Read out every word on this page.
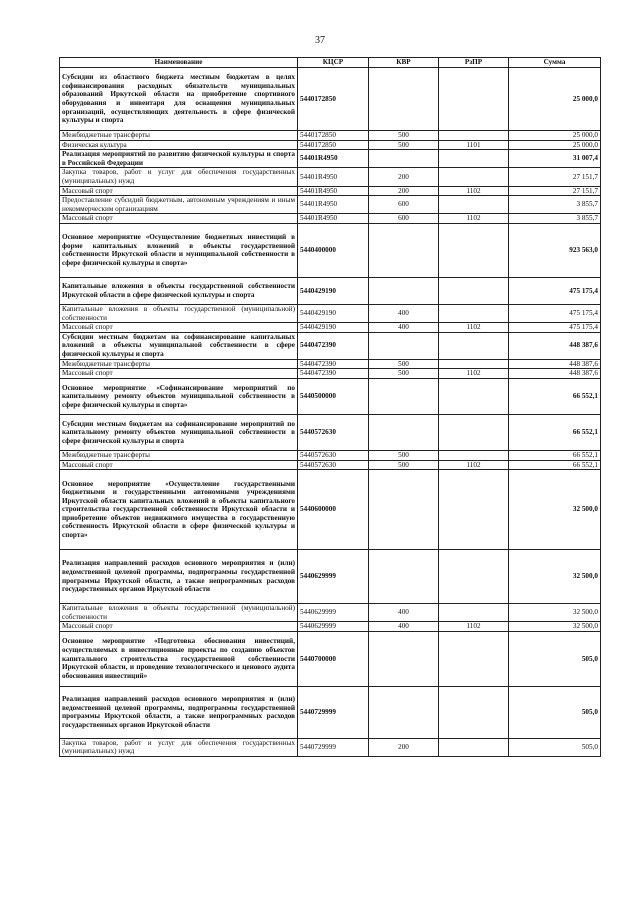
37
Наименование	КЦСР	КВР	РзПР	Сумма
Субсидии из областного бюджета местным бюджетам в целях софинансирования расходных обязательств муниципальных образований Иркутской области на приобретение спортивного оборудования и инвентаря для оснащения муниципальных организаций, осуществляющих деятельность в сфере физической культуры и спорта	5440172850			25 000,0
Межбюджетные трансферты	5440172850	500		25 000,0
Физическая культура	5440172850	500	1101	25 000,0
Реализация мероприятий по развитию физической культуры и спорта в Российской Федерации	54401R4950			31 007,4
Закупка товаров, работ и услуг для обеспечения государственных (муниципальных) нужд	54401R4950	200		27 151,7
Массовый спорт	54401R4950	200	1102	27 151,7
Предоставление субсидий бюджетным, автономным учреждениям и иным некоммерческим организациям	54401R4950	600		3 855,7
Массовый спорт	54401R4950	600	1102	3 855,7
Основное мероприятие «Осуществление бюджетных инвестиций в форме капитальных вложений в объекты государственной собственности Иркутской области и муниципальной собственности в сфере физической культуры и спорта»	5440400000			923 563,0
Капитальные вложения в объекты государственной собственности Иркутской области в сфере физической культуры и спорта	5440429190			475 175,4
Капитальные вложения в объекты государственной (муниципальной) собственности	5440429190	400		475 175,4
Массовый спорт	5440429190	400	1102	475 175,4
Субсидии местным бюджетам на софинансирование капитальных вложений в объекты муниципальной собственности в сфере физической культуры и спорта	5440472390			448 387,6
Межбюджетные трансферты	5440472390	500		448 387,6
Массовый спорт	5440472390	500	1102	448 387,6
Основное мероприятие «Софинансирование мероприятий по капитальному ремонту объектов муниципальной собственности в сфере физической культуры и спорта»	5440500000			66 552,1
Субсидии местным бюджетам на софинансирование мероприятий по капитальному ремонту объектов муниципальной собственности в сфере физической культуры и спорта	5440572630			66 552,1
Межбюджетные трансферты	5440572630	500		66 552,1
Массовый спорт	5440572630	500	1102	66 552,1
Основное мероприятие «Осуществление государственными бюджетными и государственными автономными учреждениями Иркутской области капитальных вложений в объекты капитального строительства государственной собственности Иркутской области и приобретение объектов недвижимого имущества в государственную собственность Иркутской области в сфере физической культуры и спорта»	5440600000			32 500,0
Реализация направлений расходов основного мероприятия и (или) ведомственной целевой программы, подпрограммы государственной программы Иркутской области, а также непрограммных расходов государственных органов Иркутской области	5440629999			32 500,0
Капитальные вложения в объекты государственной (муниципальной) собственности	5440629999	400		32 500,0
Массовый спорт	5440629999	400	1102	32 500,0
Основное мероприятие «Подготовка обоснования инвестиций, осуществляемых в инвестиционные проекты по созданию объектов капитального строительства государственной собственности Иркутской области, и проведение технологического и ценового аудита обоснования инвестиций»	5440700000			505,0
Реализация направлений расходов основного мероприятия и (или) ведомственной целевой программы, подпрограммы государственной программы Иркутской области, а также непрограммных расходов государственных органов Иркутской области	5440729999			505,0
Закупка товаров, работ и услуг для обеспечения государственных (муниципальных) нужд	5440729999	200		505,0
